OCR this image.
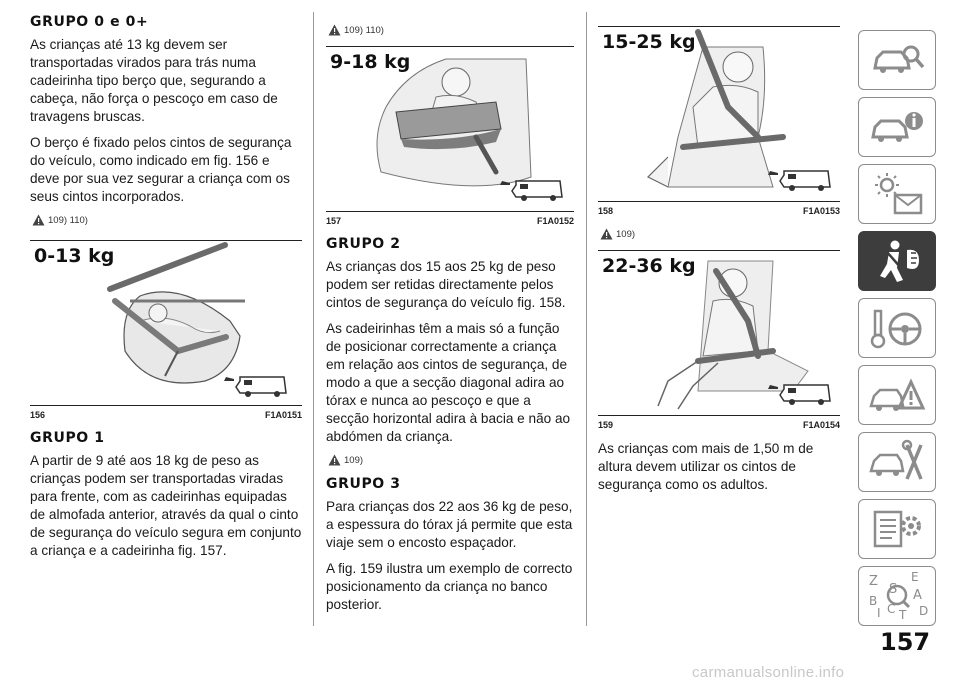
GRUPO 0 e 0+

As crianças até 13 kg devem ser transportadas virados para trás numa cadeirinha tipo berço que, segurando a cabeça, não força o pescoço em caso de travagens bruscas.

O berço é fixado pelos cintos de segurança do veículo, como indicado em fig. 156 e deve por sua vez segurar a criança com os seus cintos incorporados.

109) 110)
0-13 kg
156	F1A0151
GRUPO 1

A partir de 9 até aos 18 kg de peso as crianças podem ser transportadas viradas para frente, com as cadeirinhas equipadas de almofada anterior, através da qual o cinto de segurança do veículo segura em conjunto a criança e a cadeirinha fig. 157.

109) 110)
9-18 kg
157	F1A0152
GRUPO 2

As crianças dos 15 aos 25 kg de peso podem ser retidas directamente pelos cintos de segurança do veículo fig. 158.

As cadeirinhas têm a mais só a função de posicionar correctamente a criança em relação aos cintos de segurança, de modo a que a secção diagonal adira ao tórax e nunca ao pescoço e que a secção horizontal adira à bacia e não ao abdómen da criança.

109)
GRUPO 3

Para crianças dos 22 aos 36 kg de peso, a espessura do tórax já permite que esta viaje sem o encosto espaçador.

A fig. 159 ilustra um exemplo de correcto posicionamento da criança no banco posterior.

15-25 kg
158	F1A0153
109)
22-36 kg
159	F1A0154

As crianças com mais de 1,50 m de altura devem utilizar os cintos de segurança como os adultos.

Z	E
S A
B
C D
I T
157
carmanualsonline.info
